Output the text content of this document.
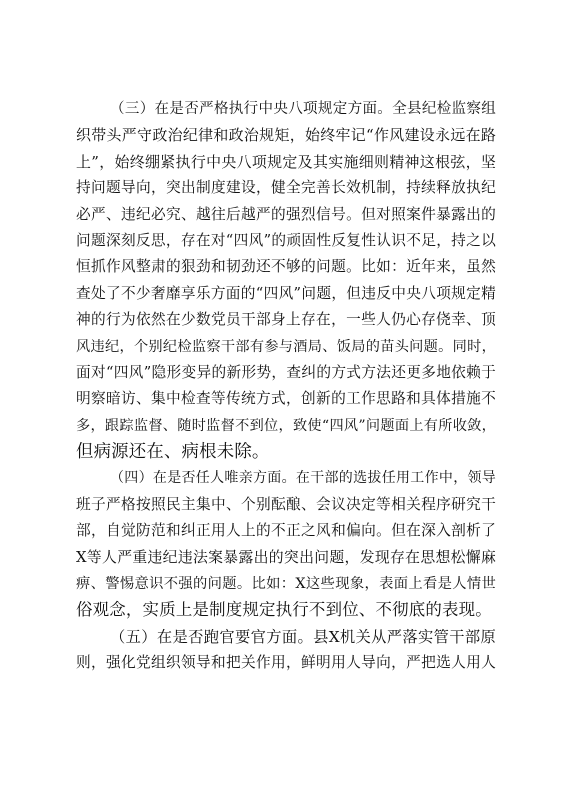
（三）在是否严格执行中央八项规定方面。全县纪检监察组
织带头严守政治纪律和政治规矩，始终牢记“作风建设永远在路
上”，始终绷紧执行中央八项规定及其实施细则精神这根弦，坚
持问题导向，突出制度建设，健全完善长效机制，持续释放执纪
必严、违纪必究、越往后越严的强烈信号。但对照案件暴露出的
问题深刻反思，存在对“四风”的顽固性反复性认识不足，持之以
恒抓作风整肃的狠劲和韧劲还不够的问题。比如：近年来，虽然
查处了不少奢靡享乐方面的“四风”问题，但违反中央八项规定精
神的行为依然在少数党员干部身上存在，一些人仍心存侥幸、顶
风违纪，个别纪检监察干部有参与酒局、饭局的苗头问题。同时，
面对“四风”隐形变异的新形势，查纠的方式方法还更多地依赖于
明察暗访、集中检查等传统方式，创新的工作思路和具体措施不
多，跟踪监督、随时监督不到位，致使“四风”问题面上有所收敛，
但病源还在、病根未除。
（四）在是否任人唯亲方面。在干部的选拔任用工作中，领导
班子严格按照民主集中、个别酝酿、会议决定等相关程序研究干
部，自觉防范和纠正用人上的不正之风和偏向。但在深入剖析了
X等人严重违纪违法案暴露出的突出问题，发现存在思想松懈麻
痹、警惕意识不强的问题。比如：X这些现象，表面上看是人情世
俗观念，实质上是制度规定执行不到位、不彻底的表现。
（五）在是否跑官要官方面。县X机关从严落实管干部原
则，强化党组织领导和把关作用，鲜明用人导向，严把选人用人
